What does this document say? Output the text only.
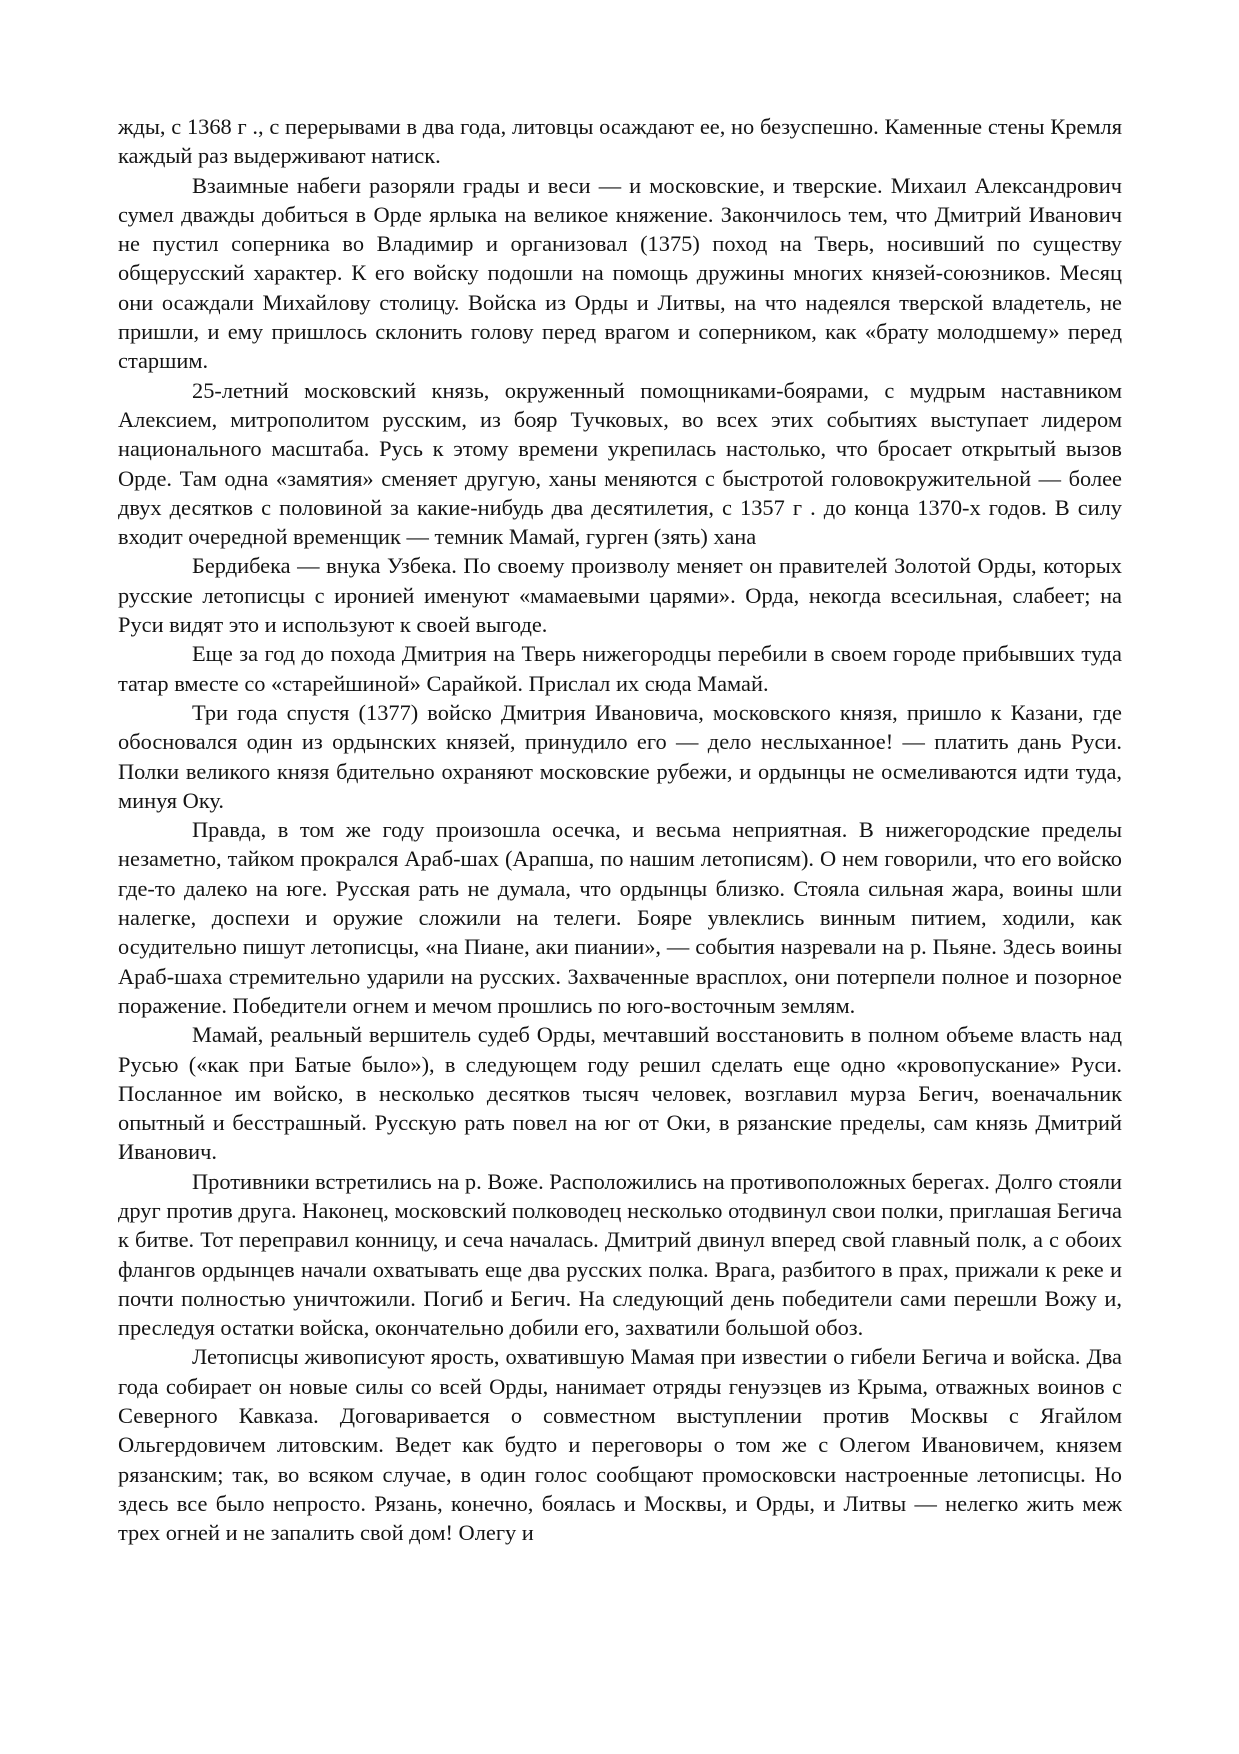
жды, с 1368 г ., с перерывами в два года, литовцы осаждают ее, но безуспешно. Каменные стены Кремля каждый раз выдерживают натиск.

Взаимные набеги разоряли грады и веси — и московские, и тверские. Михаил Александрович сумел дважды добиться в Орде ярлыка на великое княжение. Закончилось тем, что Дмитрий Иванович не пустил соперника во Владимир и организовал (1375) поход на Тверь, носивший по существу общерусский характер. К его войску подошли на помощь дружины многих князей-союзников. Месяц они осаждали Михайлову столицу. Войска из Орды и Литвы, на что надеялся тверской владетель, не пришли, и ему пришлось склонить голову перед врагом и соперником, как «брату молодшему» перед старшим.

25-летний московский князь, окруженный помощниками-боярами, с мудрым наставником Алексием, митрополитом русским, из бояр Тучковых, во всех этих событиях выступает лидером национального масштаба. Русь к этому времени укрепилась настолько, что бросает открытый вызов Орде. Там одна «замятия» сменяет другую, ханы меняются с быстротой головокружительной — более двух десятков с половиной за какие-нибудь два десятилетия, с 1357 г . до конца 1370-х годов. В силу входит очередной временщик — темник Мамай, гурген (зять) хана

Бердибека — внука Узбека. По своему произволу меняет он правителей Золотой Орды, которых русские летописцы с иронией именуют «мамаевыми царями». Орда, некогда всесильная, слабеет; на Руси видят это и используют к своей выгоде.

Еще за год до похода Дмитрия на Тверь нижегородцы перебили в своем городе прибывших туда татар вместе со «старейшиной» Сарайкой. Прислал их сюда Мамай.

Три года спустя (1377) войско Дмитрия Ивановича, московского князя, пришло к Казани, где обосновался один из ордынских князей, принудило его — дело неслыханное! — платить дань Руси. Полки великого князя бдительно охраняют московские рубежи, и ордынцы не осмеливаются идти туда, минуя Оку.

Правда, в том же году произошла осечка, и весьма неприятная. В нижегородские пределы незаметно, тайком прокрался Араб-шах (Арапша, по нашим летописям). О нем говорили, что его войско где-то далеко на юге. Русская рать не думала, что ордынцы близко. Стояла сильная жара, воины шли налегке, доспехи и оружие сложили на телеги. Бояре увлеклись винным питием, ходили, как осудительно пишут летописцы, «на Пиане, аки пиании», — события назревали на р. Пьяне. Здесь воины Араб-шаха стремительно ударили на русских. Захваченные врасплох, они потерпели полное и позорное поражение. Победители огнем и мечом прошлись по юго-восточным землям.

Мамай, реальный вершитель судеб Орды, мечтавший восстановить в полном объеме власть над Русью («как при Батые было»), в следующем году решил сделать еще одно «кровопускание» Руси. Посланное им войско, в несколько десятков тысяч человек, возглавил мурза Бегич, военачальник опытный и бесстрашный. Русскую рать повел на юг от Оки, в рязанские пределы, сам князь Дмитрий Иванович.

Противники встретились на р. Воже. Расположились на противоположных берегах. Долго стояли друг против друга. Наконец, московский полководец несколько отодвинул свои полки, приглашая Бегича к битве. Тот переправил конницу, и сеча началась. Дмитрий двинул вперед свой главный полк, а с обоих флангов ордынцев начали охватывать еще два русских полка. Врага, разбитого в прах, прижали к реке и почти полностью уничтожили. Погиб и Бегич. На следующий день победители сами перешли Вожу и, преследуя остатки войска, окончательно добили его, захватили большой обоз.

Летописцы живописуют ярость, охватившую Мамая при известии о гибели Бегича и войска. Два года собирает он новые силы со всей Орды, нанимает отряды генуэзцев из Крыма, отважных воинов с Северного Кавказа. Договаривается о совместном выступлении против Москвы с Ягайлом Ольгердовичем литовским. Ведет как будто и переговоры о том же с Олегом Ивановичем, князем рязанским; так, во всяком случае, в один голос сообщают промосковски настроенные летописцы. Но здесь все было непросто. Рязань, конечно, боялась и Москвы, и Орды, и Литвы — нелегко жить меж трех огней и не запалить свой дом! Олегу и
